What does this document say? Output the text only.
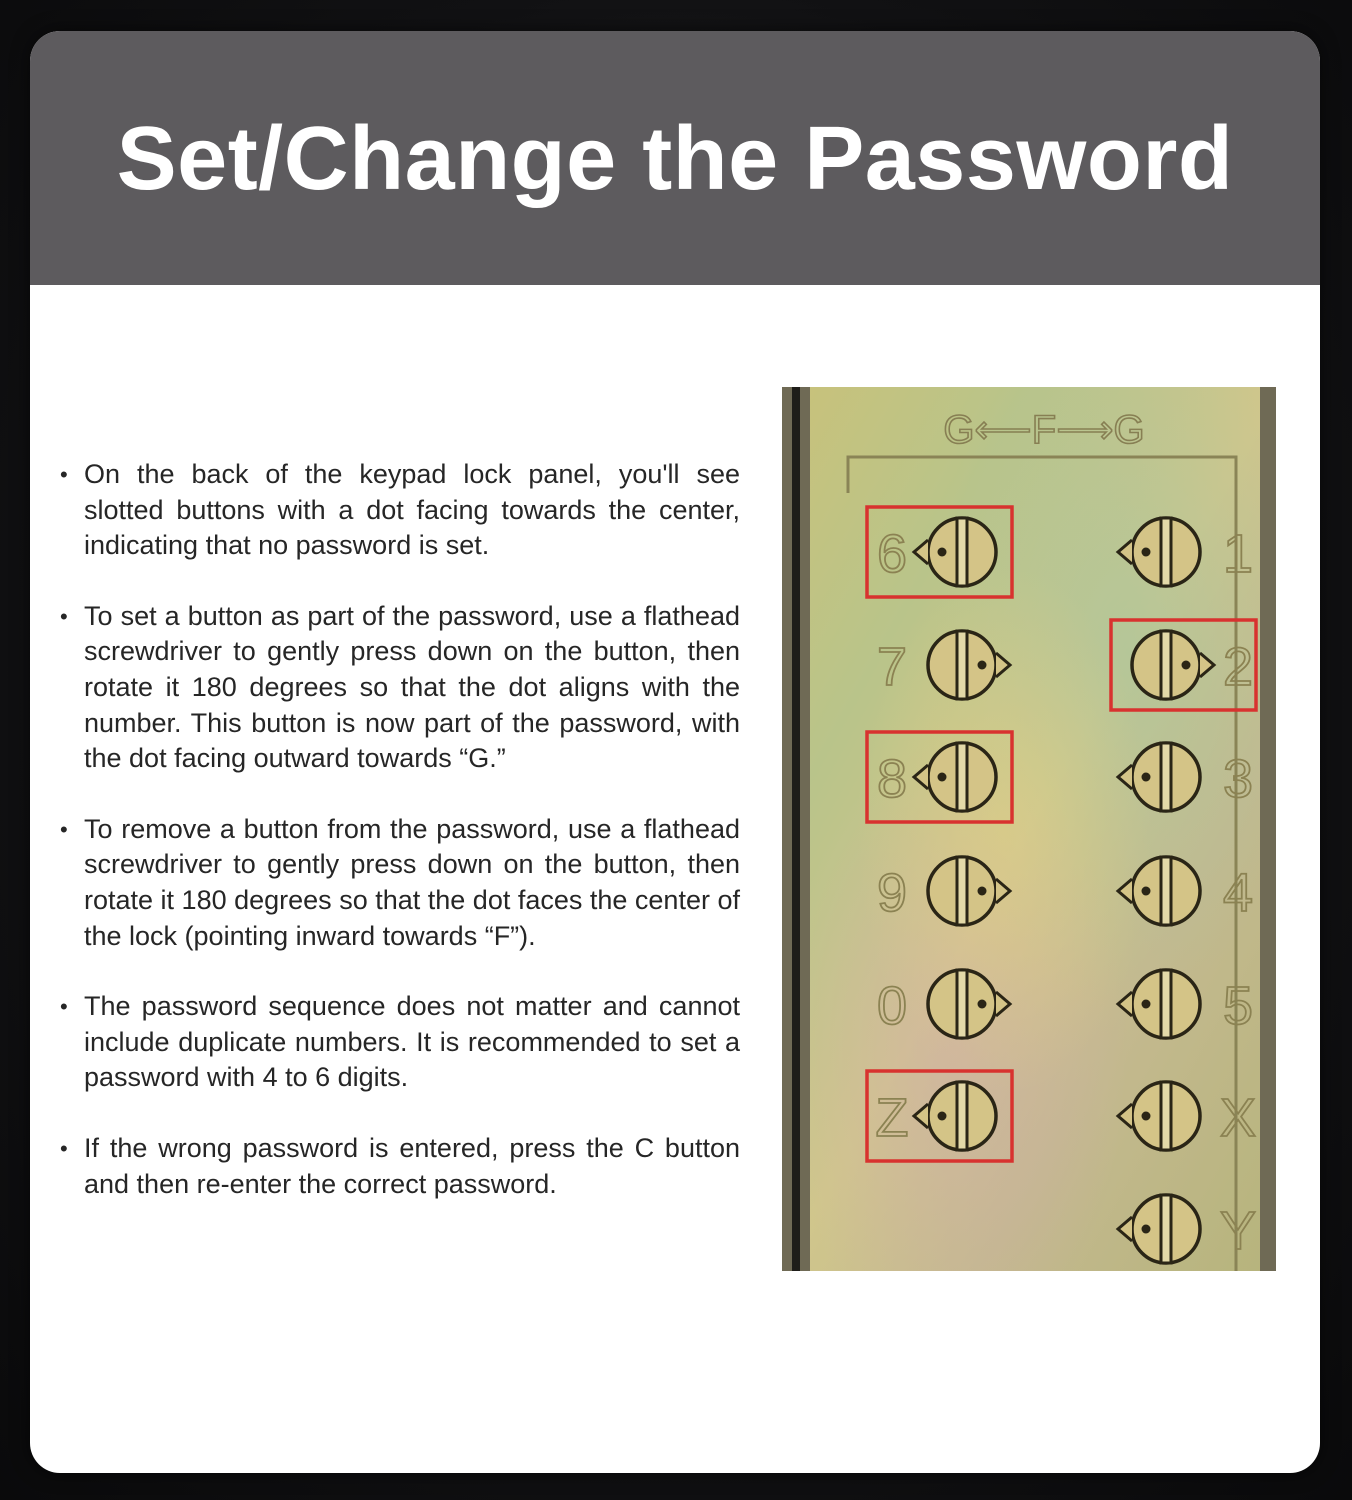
Set/Change the Password
• On the back of the keypad lock panel, you'll see slotted buttons with a dot facing towards the center, indicating that no password is set.
• To set a button as part of the password, use a flathead screwdriver to gently press down on the button, then rotate it 180 degrees so that the dot aligns with the number. This button is now part of the password, with the dot facing outward towards “G.”
• To remove a button from the password, use a flathead screwdriver to gently press down on the button, then rotate it 180 degrees so that the dot faces the center of the lock (pointing inward towards “F”).
• The password sequence does not matter and cannot include duplicate numbers. It is recommended to set a password with 4 to 6 digits.
• If the wrong password is entered, press the C button and then re-enter the correct password.
G⟵F⟶G
6
7
8
9
0
Z
1
2
3
4
5
X
Y
